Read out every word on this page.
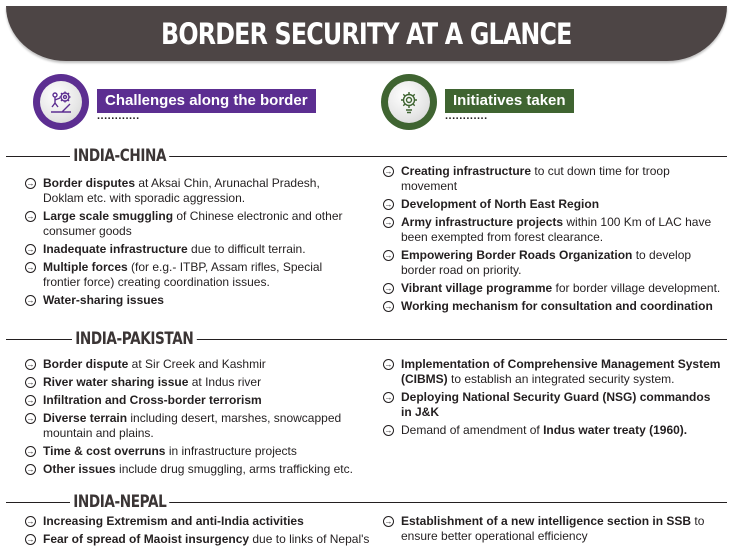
BORDER SECURITY AT A GLANCE
Challenges along the border
............
Initiatives taken
............
INDIA-CHINA
→ Border disputes at Aksai Chin, Arunachal Pradesh, Doklam etc. with sporadic aggression.
→ Large scale smuggling of Chinese electronic and other consumer goods
→ Inadequate infrastructure due to difficult terrain.
→ Multiple forces (for e.g.- ITBP, Assam rifles, Special frontier force) creating coordination issues.
→ Water-sharing issues
→ Creating infrastructure to cut down time for troop movement
→ Development of North East Region
→ Army infrastructure projects within 100 Km of LAC have been exempted from forest clearance.
→ Empowering Border Roads Organization to develop border road on priority.
→ Vibrant village programme for border village development.
→ Working mechanism for consultation and coordination
INDIA-PAKISTAN
→ Border dispute at Sir Creek and Kashmir
→ River water sharing issue at Indus river
→ Infiltration and Cross-border terrorism
→ Diverse terrain including desert, marshes, snowcapped mountain and plains.
→ Time & cost overruns in infrastructure projects
→ Other issues include drug smuggling, arms trafficking etc.
→ Implementation of Comprehensive Management System (CIBMS) to establish an integrated security system.
→ Deploying National Security Guard (NSG) commandos in J&K
→ Demand of amendment of Indus water treaty (1960).
INDIA-NEPAL
→ Increasing Extremism and anti-India activities
→ Fear of spread of Maoist insurgency due to links of Nepal's
→ Establishment of a new intelligence section in SSB to ensure better operational efficiency
